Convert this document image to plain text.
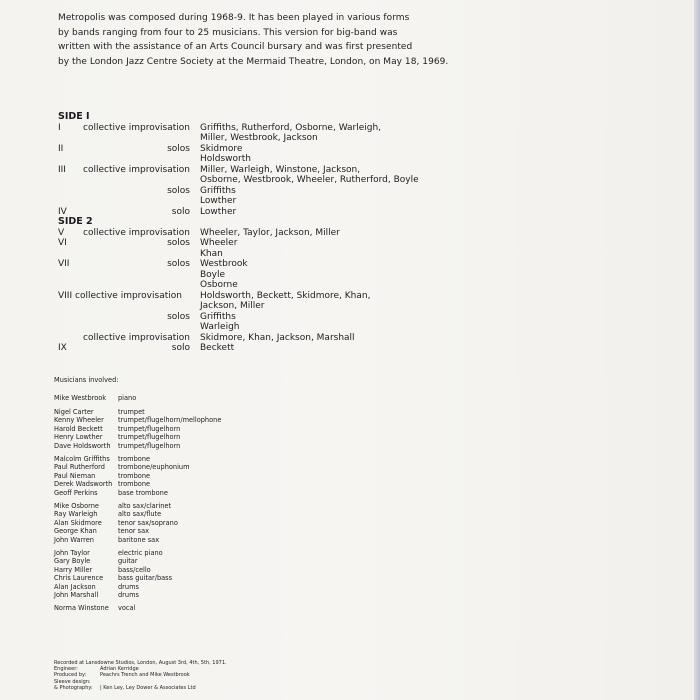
Metropolis was composed during 1968-9. It has been played in various forms

by bands ranging from four to 25 musicians. This version for big-band was

written with the assistance of an Arts Council bursary and was first presented

by the London Jazz Centre Society at the Mermaid Theatre, London, on May 18, 1969.

SIDE I
I	collective improvisation	Griffiths, Rutherford, Osborne, Warleigh,
Miller, Westbrook, Jackson
II	solos	Skidmore
Holdsworth
III	collective improvisation	Miller, Warleigh, Winstone, Jackson,
Osborne, Westbrook, Wheeler, Rutherford, Boyle
solos	Griffiths
Lowther
IV	solo	Lowther
SIDE 2
V	collective improvisation	Wheeler, Taylor, Jackson, Miller
VI	solos	Wheeler
Khan
VII	solos	Westbrook
Boyle
Osborne
VIII collective improvisation	Holdsworth, Beckett, Skidmore, Khan,
Jackson, Miller
solos	Griffiths
Warleigh
collective improvisation	Skidmore, Khan, Jackson, Marshall
IX	solo	Beckett
Musicians involved:
Mike Westbrook	piano
Nigel Carter	trumpet
Kenny Wheeler	trumpet/flugelhorn/mellophone
Harold Beckett	trumpet/flugelhorn
Henry Lowther	trumpet/flugelhorn
Dave Holdsworth	trumpet/flugelhorn
Malcolm Griffiths	trombone
Paul Rutherford	trombone/euphonium
Paul Nieman	trombone
Derek Wadsworth trombone
Geoff Perkins	base trombone
Mike Osborne	alto sax/clarinet
Ray Warleigh	alto sax/flute
Alan Skidmore	tenor sax/soprano
George Khan	tenor sax
John Warren	baritone sax
John Taylor	electric piano
Gary Boyle	guitar
Harry Miller	bass/cello
Chris Laurence	bass guitar/bass
Alan Jackson	drums
John Marshall	drums
Norma Winstone	vocal
Recorded at Lansdowne Studios, London, August 3rd, 4th, 5th, 1971.
Engineer:	Adrian Kerridge
Produced by:	Peachrs Trench and Mike Westbrook
Sleeve design:
& Photography:	| Ken Ley, Ley Dower & Associates Ltd
